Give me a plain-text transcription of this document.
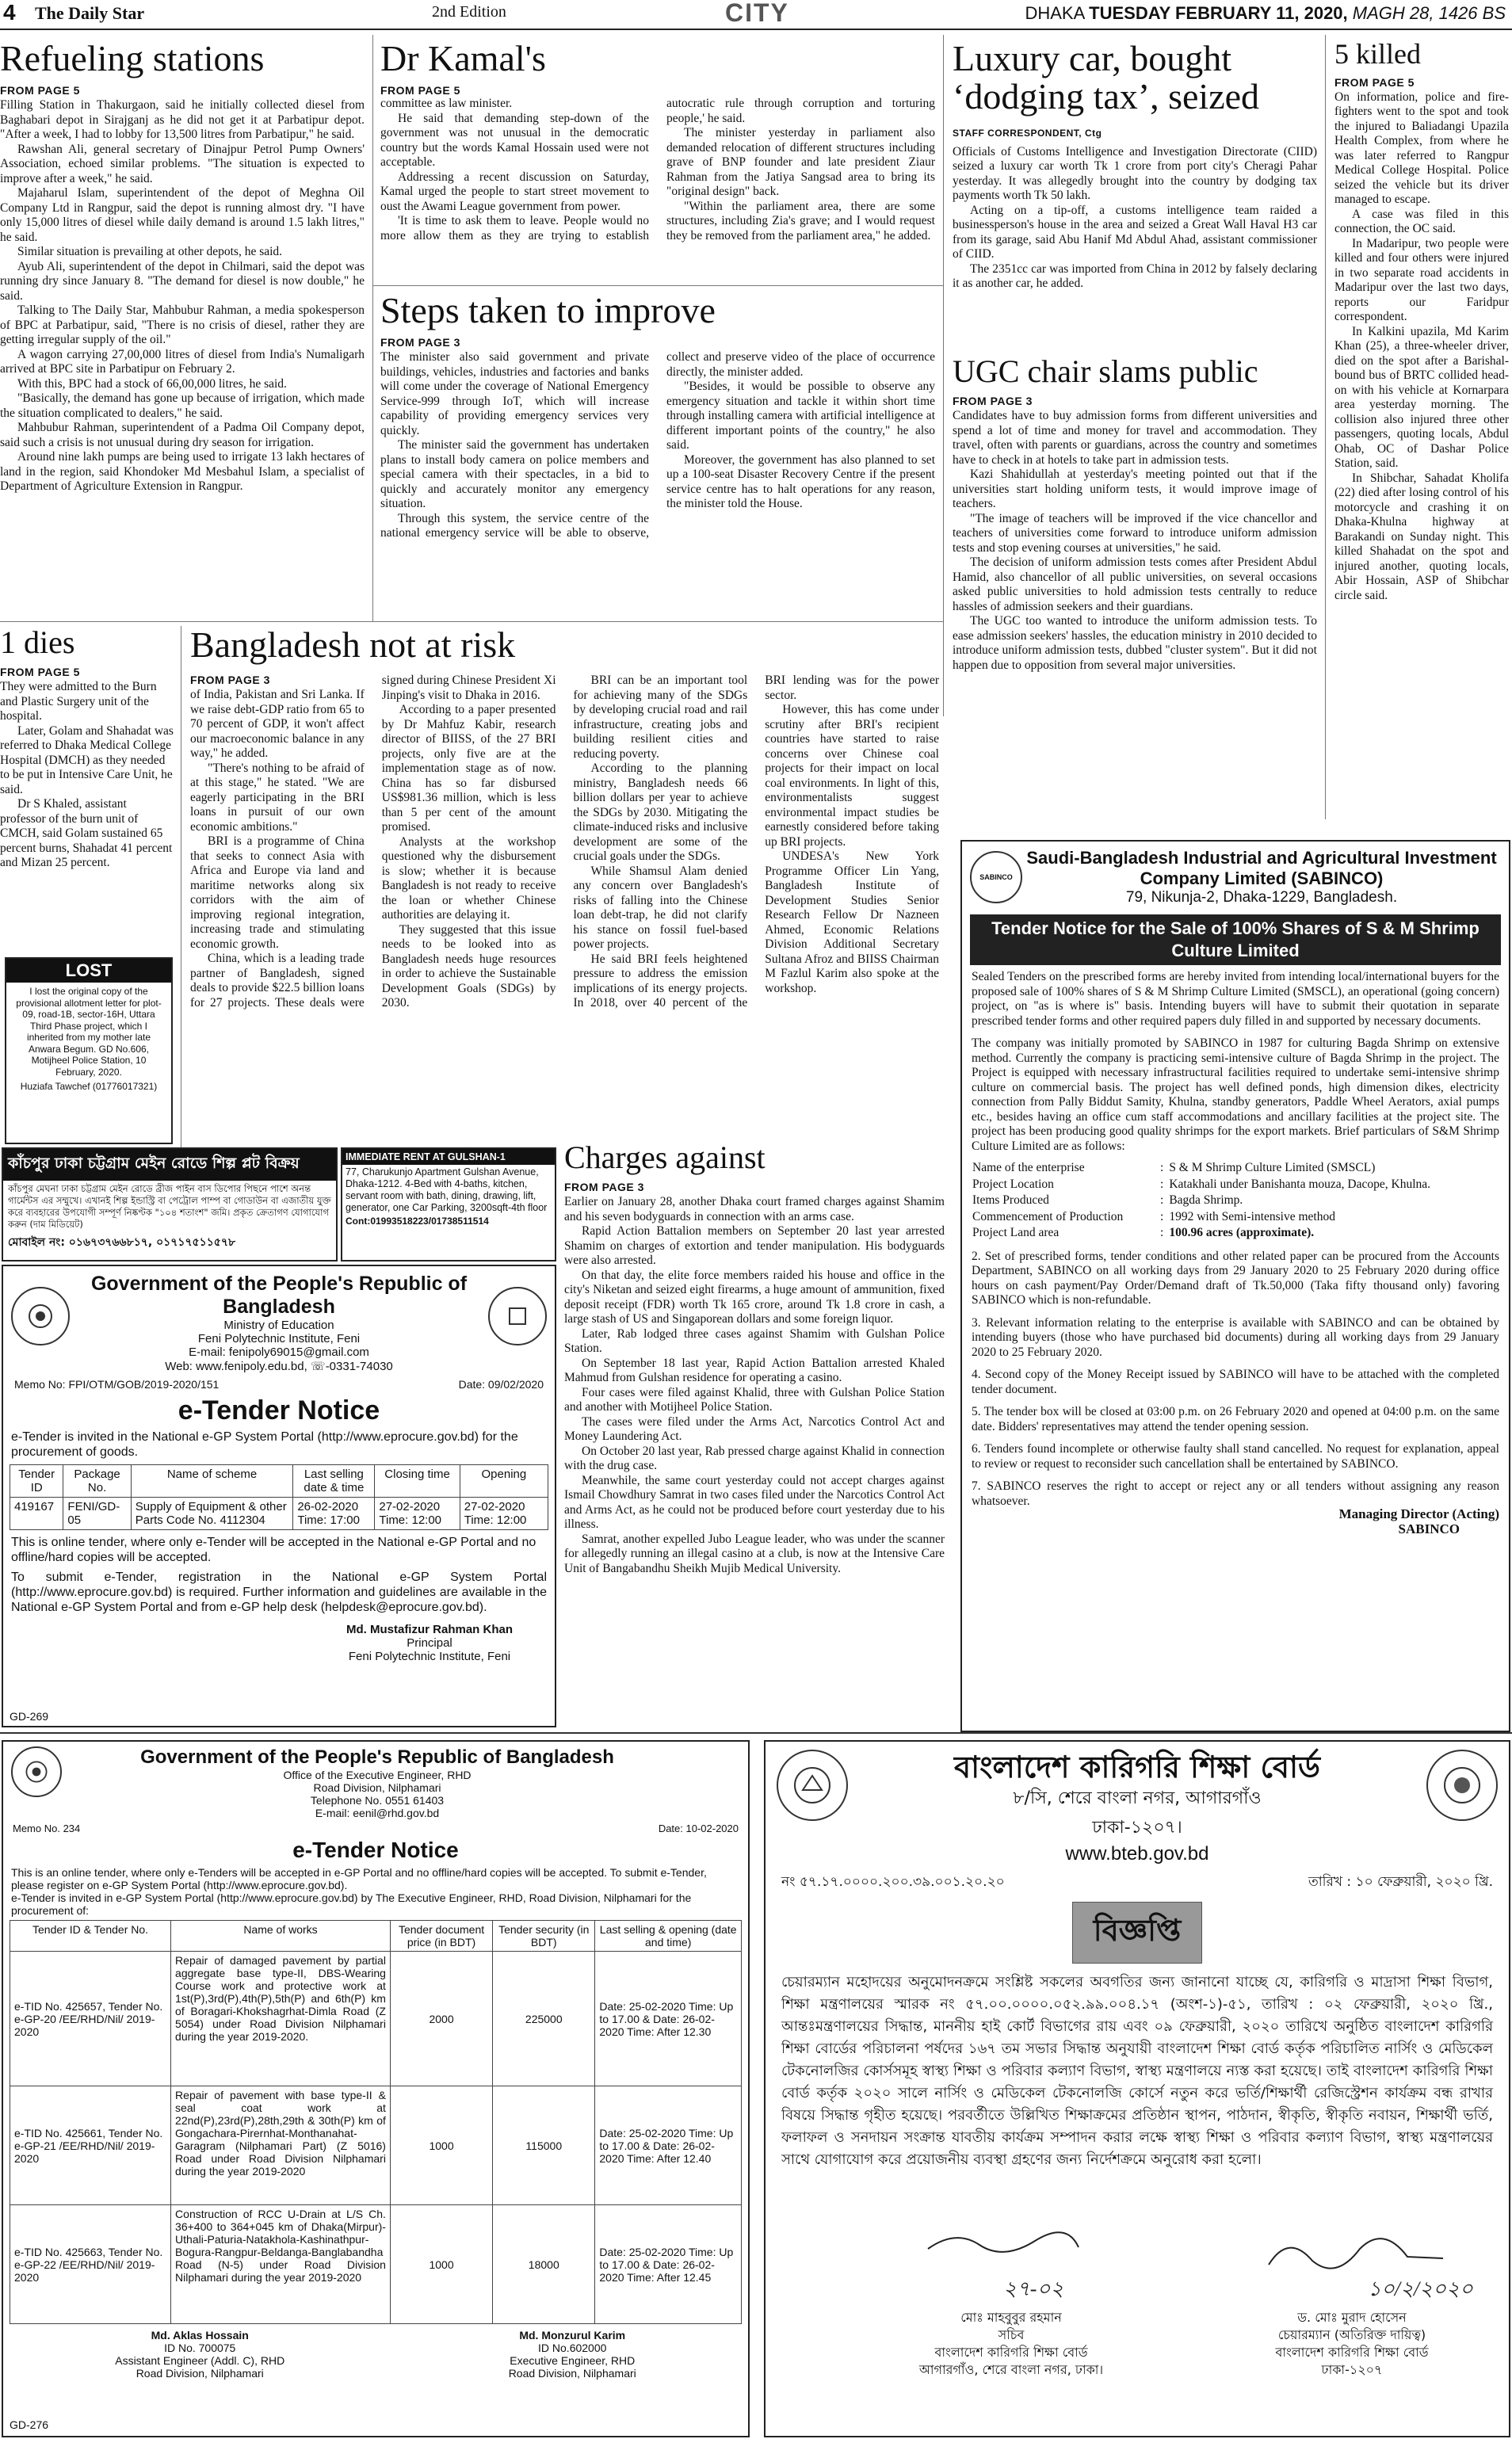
4 The Daily Star	2nd Edition	CITY	DHAKA TUESDAY FEBRUARY 11, 2020, MAGH 28, 1426 BS
Refueling stations
FROM PAGE 5

Filling Station in Thakurgaon, said he initially collected diesel from Baghabari depot in Sirajganj as he did not get it at Parbatipur depot. "After a week, I had to lobby for 13,500 litres from Parbatipur," he said.

Rawshan Ali, general secretary of Dinajpur Petrol Pump Owners' Association, echoed similar problems. "The situation is expected to improve after a week," he said.

Majaharul Islam, superintendent of the depot of Meghna Oil Company Ltd in Rangpur, said the depot is running almost dry. "I have only 15,000 litres of diesel while daily demand is around 1.5 lakh litres," he said.

Similar situation is prevailing at other depots, he said.

Ayub Ali, superintendent of the depot in Chilmari, said the depot was running dry since January 8. "The demand for diesel is now double," he said.

Talking to The Daily Star, Mahbubur Rahman, a media spokesperson of BPC at Parbatipur, said, "There is no crisis of diesel, rather they are getting irregular supply of the oil."

A wagon carrying 27,00,000 litres of diesel from India's Numaligarh arrived at BPC site in Parbatipur on February 2.

With this, BPC had a stock of 66,00,000 litres, he said.

"Basically, the demand has gone up because of irrigation, which made the situation complicated to dealers," he said.

Mahbubur Rahman, superintendent of a Padma Oil Company depot, said such a crisis is not unusual during dry season for irrigation.

Around nine lakh pumps are being used to irrigate 13 lakh hectares of land in the region, said Khondoker Md Mesbahul Islam, a specialist of Department of Agriculture Extension in Rangpur.

Dr Kamal's
FROM PAGE 5

committee as law minister.

He said that demanding step-down of the government was not unusual in the democratic country but the words Kamal Hossain used were not acceptable.

Addressing a recent discussion on Saturday, Kamal urged the people to start street movement to oust the Awami League government from power.

'It is time to ask them to leave. People would no more allow them as they are trying to establish autocratic rule through corruption and torturing people,' he said.

The minister yesterday in parliament also demanded relocation of different structures including grave of BNP founder and late president Ziaur Rahman from the Jatiya Sangsad area to bring its "original design" back.

"Within the parliament area, there are some structures, including Zia's grave; and I would request they be removed from the parliament area," he added.

Steps taken to improve
FROM PAGE 3

The minister also said government and private buildings, vehicles, industries and factories and banks will come under the coverage of National Emergency Service-999 through IoT, which will increase capability of providing emergency services very quickly.

The minister said the government has undertaken plans to install body camera on police members and special camera with their spectacles, in a bid to quickly and accurately monitor any emergency situation.

Through this system, the service centre of the national emergency service will be able to observe, collect and preserve video of the place of occurrence directly, the minister added.

"Besides, it would be possible to observe any emergency situation and tackle it within short time through installing camera with artificial intelligence at different important points of the country," he also said.

Moreover, the government has also planned to set up a 100-seat Disaster Recovery Centre if the present service centre has to halt operations for any reason, the minister told the House.

Luxury car, bought ‘dodging tax’, seized
STAFF CORRESPONDENT, Ctg

Officials of Customs Intelligence and Investigation Directorate (CIID) seized a luxury car worth Tk 1 crore from port city's Cheragi Pahar yesterday. It was allegedly brought into the country by dodging tax payments worth Tk 50 lakh.

Acting on a tip-off, a customs intelligence team raided a businessperson's house in the area and seized a Great Wall Haval H3 car from its garage, said Abu Hanif Md Abdul Ahad, assistant commissioner of CIID.

The 2351cc car was imported from China in 2012 by falsely declaring it as another car, he added.

UGC chair slams public
FROM PAGE 3

Candidates have to buy admission forms from different universities and spend a lot of time and money for travel and accommodation. They travel, often with parents or guardians, across the country and sometimes have to check in at hotels to take part in admission tests.

Kazi Shahidullah at yesterday's meeting pointed out that if the universities start holding uniform tests, it would improve image of teachers.

"The image of teachers will be improved if the vice chancellor and teachers of universities come forward to introduce uniform admission tests and stop evening courses at universities," he said.

The decision of uniform admission tests comes after President Abdul Hamid, also chancellor of all public universities, on several occasions asked public universities to hold admission tests centrally to reduce hassles of admission seekers and their guardians.

The UGC too wanted to introduce the uniform admission tests. To ease admission seekers' hassles, the education ministry in 2010 decided to introduce uniform admission tests, dubbed "cluster system". But it did not happen due to opposition from several major universities.

5 killed
FROM PAGE 5

On information, police and fire-fighters went to the spot and took the injured to Baliadangi Upazila Health Complex, from where he was later referred to Rangpur Medical College Hospital. Police seized the vehicle but its driver managed to escape.

A case was filed in this connection, the OC said.

In Madaripur, two people were killed and four others were injured in two separate road accidents in Madaripur over the last two days, reports our Faridpur correspondent.

In Kalkini upazila, Md Karim Khan (25), a three-wheeler driver, died on the spot after a Barishal-bound bus of BRTC collided head-on with his vehicle at Kornarpara area yesterday morning. The collision also injured three other passengers, quoting locals, Abdul Ohab, OC of Dashar Police Station, said.

In Shibchar, Sahadat Kholifa (22) died after losing control of his motorcycle and crashing it on Dhaka-Khulna highway at Barakandi on Sunday night. This killed Shahadat on the spot and injured another, quoting locals, Abir Hossain, ASP of Shibchar circle said.

1 dies
FROM PAGE 5

They were admitted to the Burn and Plastic Surgery unit of the hospital.

Later, Golam and Shahadat was referred to Dhaka Medical College Hospital (DMCH) as they needed to be put in Intensive Care Unit, he said.

Dr S Khaled, assistant professor of the burn unit of CMCH, said Golam sustained 65 percent burns, Shahadat 41 percent and Mizan 25 percent.

LOST
I lost the original copy of the provisional allotment letter for plot-09, road-1B, sector-16H, Uttara Third Phase project, which I inherited from my mother late Anwara Begum. GD No.606, Motijheel Police Station, 10 February, 2020.
Huziafa Tawchef (01776017321)
Bangladesh not at risk
FROM PAGE 3

of India, Pakistan and Sri Lanka. If we raise debt-GDP ratio from 65 to 70 percent of GDP, it won't affect our macroeconomic balance in any way," he added.

"There's nothing to be afraid of at this stage," he stated. "We are eagerly participating in the BRI loans in pursuit of our own economic ambitions."

BRI is a programme of China that seeks to connect Asia with Africa and Europe via land and maritime networks along six corridors with the aim of improving regional integration, increasing trade and stimulating economic growth.

China, which is a leading trade partner of Bangladesh, signed deals to provide $22.5 billion loans for 27 projects. These deals were signed during Chinese President Xi Jinping's visit to Dhaka in 2016.

According to a paper presented by Dr Mahfuz Kabir, research director of BIISS, of the 27 BRI projects, only five are at the implementation stage as of now. China has so far disbursed US$981.36 million, which is less than 5 per cent of the amount promised.

Analysts at the workshop questioned why the disbursement is slow; whether it is because Bangladesh is not ready to receive the loan or whether Chinese authorities are delaying it.

They suggested that this issue needs to be looked into as Bangladesh needs huge resources in order to achieve the Sustainable Development Goals (SDGs) by 2030.

BRI can be an important tool for achieving many of the SDGs by developing crucial road and rail infrastructure, creating jobs and building resilient cities and reducing poverty.

According to the planning ministry, Bangladesh needs 66 billion dollars per year to achieve the SDGs by 2030. Mitigating the climate-induced risks and inclusive development are some of the crucial goals under the SDGs.

While Shamsul Alam denied any concern over Bangladesh's risks of falling into the Chinese loan debt-trap, he did not clarify his stance on fossil fuel-based power projects.

He said BRI feels heightened pressure to address the emission implications of its energy projects. In 2018, over 40 percent of the BRI lending was for the power sector.

However, this has come under scrutiny after BRI's recipient countries have started to raise concerns over Chinese coal projects for their impact on local coal environments. In light of this, environmentalists suggest environmental impact studies be earnestly considered before taking up BRI projects.

UNDESA's New York Programme Officer Lin Yang, Bangladesh Institute of Development Studies Senior Research Fellow Dr Nazneen Ahmed, Economic Relations Division Additional Secretary Sultana Afroz and BIISS Chairman M Fazlul Karim also spoke at the workshop.

SABINCO
Saudi-Bangladesh Industrial and Agricultural Investment Company Limited (SABINCO)
79, Nikunja-2, Dhaka-1229, Bangladesh.
Tender Notice for the Sale of 100% Shares of S & M Shrimp Culture Limited

Sealed Tenders on the prescribed forms are hereby invited from intending local/international buyers for the proposed sale of 100% shares of S & M Shrimp Culture Limited (SMSCL), an operational (going concern) project, on "as is where is" basis. Intending buyers will have to submit their quotation in separate prescribed tender forms and other required papers duly filled in and supported by necessary documents.

The company was initially promoted by SABINCO in 1987 for culturing Bagda Shrimp on extensive method. Currently the company is practicing semi-intensive culture of Bagda Shrimp in the project. The Project is equipped with necessary infrastructural facilities required to undertake semi-intensive shrimp culture on commercial basis. The project has well defined ponds, high dimension dikes, electricity connection from Pally Biddut Samity, Khulna, standby generators, Paddle Wheel Aerators, axial pumps etc., besides having an office cum staff accommodations and ancillary facilities at the project site. The project has been producing good quality shrimps for the export markets. Brief particulars of S&M Shrimp Culture Limited are as follows:

Name of the enterprise	:	S & M Shrimp Culture Limited (SMSCL)
Project Location	:	Katakhali under Banishanta mouza, Dacope, Khulna.
Items Produced	:	Bagda Shrimp.
Commencement of Production	:	1992 with Semi-intensive method
Project Land area	:	100.96 acres (approximate).

2. Set of prescribed forms, tender conditions and other related paper can be procured from the Accounts Department, SABINCO on all working days from 29 January 2020 to 25 February 2020 during office hours on cash payment/Pay Order/Demand draft of Tk.50,000 (Taka fifty thousand only) favoring SABINCO which is non-refundable.

3. Relevant information relating to the enterprise is available with SABINCO and can be obtained by intending buyers (those who have purchased bid documents) during all working days from 29 January 2020 to 25 February 2020.

4. Second copy of the Money Receipt issued by SABINCO will have to be attached with the completed tender document.

5. The tender box will be closed at 03:00 p.m. on 26 February 2020 and opened at 04:00 p.m. on the same date. Bidders' representatives may attend the tender opening session.

6. Tenders found incomplete or otherwise faulty shall stand cancelled. No request for explanation, appeal to review or request to reconsider such cancellation shall be entertained by SABINCO.

7. SABINCO reserves the right to accept or reject any or all tenders without assigning any reason whatsoever.

Managing Director (Acting)
SABINCO
কাঁচপুর ঢাকা চট্টগ্রাম মেইন রোডে শিল্প প্লট বিক্রয়
কাঁচপুর মেঘনা ঢাকা চট্টগ্রাম মেইন রোডে ব্রীজ পাইন বাস ডিপোর পিছনে পাশে অনন্ত গার্মেন্টস এর সম্মুখে। এখানই শিল্প ইন্ডাস্ট্রি বা পেট্রোল পাম্প বা গোডাউন বা এজাতীয় যুক্ত করে ব্যবহারের উপযোগী সম্পূর্ণ নিষ্কণ্টক "১০৪ শতাংশ" জমি। প্রকৃত ক্রেতাগণ যোগাযোগ করুন (দাম মিডিয়েট)
মোবাইল নং: ০১৬৭৩৭৬৬৮১৭, ০১৭১৭৫১১৫৭৮
IMMEDIATE RENT AT GULSHAN-1
77, Charukunjo Apartment Gulshan Avenue, Dhaka-1212. 4-Bed with 4-baths, kitchen, servant room with bath, dining, drawing, lift, generator, one Car Parking, 3200sqft-4th floor
Cont:01993518223/01738511514
Government of the People's Republic of Bangladesh
Ministry of Education
Feni Polytechnic Institute, Feni
E-mail: fenipoly69015@gmail.com
Web: www.fenipoly.edu.bd, ☏-0331-74030
Memo No: FPI/OTM/GOB/2019-2020/151	Date: 09/02/2020
e-Tender Notice
e-Tender is invited in the National e-GP System Portal (http://www.eprocure.gov.bd) for the procurement of goods.
Tender ID	Package No.	Name of scheme	Last selling date & time	Closing time	Opening
419167	FENI/GD-05	Supply of Equipment & other Parts Code No. 4112304	26-02-2020 Time: 17:00	27-02-2020 Time: 12:00	27-02-2020 Time: 12:00
This is online tender, where only e-Tender will be accepted in the National e-GP Portal and no offline/hard copies will be accepted.
To submit e-Tender, registration in the National e-GP System Portal (http://www.eprocure.gov.bd) is required. Further information and guidelines are available in the National e-GP System Portal and from e-GP help desk (helpdesk@eprocure.gov.bd).
Md. Mustafizur Rahman Khan
Principal
Feni Polytechnic Institute, Feni
GD-269
Charges against
FROM PAGE 3

Earlier on January 28, another Dhaka court framed charges against Shamim and his seven bodyguards in connection with an arms case.

Rapid Action Battalion members on September 20 last year arrested Shamim on charges of extortion and tender manipulation. His bodyguards were also arrested.

On that day, the elite force members raided his house and office in the city's Niketan and seized eight firearms, a huge amount of ammunition, fixed deposit receipt (FDR) worth Tk 165 crore, around Tk 1.8 crore in cash, a large stash of US and Singaporean dollars and some foreign liquor.

Later, Rab lodged three cases against Shamim with Gulshan Police Station.

On September 18 last year, Rapid Action Battalion arrested Khaled Mahmud from Gulshan residence for operating a casino.

Four cases were filed against Khalid, three with Gulshan Police Station and another with Motijheel Police Station.

The cases were filed under the Arms Act, Narcotics Control Act and Money Laundering Act.

On October 20 last year, Rab pressed charge against Khalid in connection with the drug case.

Meanwhile, the same court yesterday could not accept charges against Ismail Chowdhury Samrat in two cases filed under the Narcotics Control Act and Arms Act, as he could not be produced before court yesterday due to his illness.

Samrat, another expelled Jubo League leader, who was under the scanner for allegedly running an illegal casino at a club, is now at the Intensive Care Unit of Bangabandhu Sheikh Mujib Medical University.

Government of the People's Republic of Bangladesh
Office of the Executive Engineer, RHD
Road Division, Nilphamari
Telephone No. 0551 61403
E-mail: eenil@rhd.gov.bd
Memo No. 234	Date: 10-02-2020
e-Tender Notice
This is an online tender, where only e-Tenders will be accepted in e-GP Portal and no offline/hard copies will be accepted. To submit e-Tender, please register on e-GP System Portal (http://www.eprocure.gov.bd).
e-Tender is invited in e-GP System Portal (http://www.eprocure.gov.bd) by The Executive Engineer, RHD, Road Division, Nilphamari for the procurement of:
Tender ID & Tender No.	Name of works	Tender document price (in BDT)	Tender security (in BDT)	Last selling & opening (date and time)
e-TID No. 425657, Tender No. e-GP-20 /EE/RHD/Nil/ 2019-2020	Repair of damaged pavement by partial aggregate base type-II, DBS-Wearing Course work and protective work at 1st(P),3rd(P),4th(P),5th(P) and 6th(P) km of Boragari-Khokshagrhat-Dimla Road (Z 5054) under Road Division Nilphamari during the year 2019-2020.	2000	225000	Date: 25-02-2020 Time: Up to 17.00 & Date: 26-02-2020 Time: After 12.30
e-TID No. 425661, Tender No. e-GP-21 /EE/RHD/Nil/ 2019-2020	Repair of pavement with base type-II & seal coat work at 22nd(P),23rd(P),28th,29th & 30th(P) km of Gongachara-Pirernhat-Monthanahat-Garagram (Nilphamari Part) (Z 5016) Road under Road Division Nilphamari during the year 2019-2020	1000	115000	Date: 25-02-2020 Time: Up to 17.00 & Date: 26-02-2020 Time: After 12.40
e-TID No. 425663, Tender No. e-GP-22 /EE/RHD/Nil/ 2019-2020	Construction of RCC U-Drain at L/S Ch. 36+400 to 364+045 km of Dhaka(Mirpur)-Uthali-Paturia-Natakhola-Kashinathpur-Bogura-Rangpur-Beldanga-Banglabandha Road (N-5) under Road Division Nilphamari during the year 2019-2020	1000	18000	Date: 25-02-2020 Time: Up to 17.00 & Date: 26-02-2020 Time: After 12.45
Md. Aklas Hossain
ID No. 700075
Assistant Engineer (Addl. C), RHD
Road Division, Nilphamari
Md. Monzurul Karim
ID No.602000
Executive Engineer, RHD
Road Division, Nilphamari
GD-276
বাংলাদেশ কারিগরি শিক্ষা বোর্ড
৮/সি, শেরে বাংলা নগর, আগারগাঁও
ঢাকা-১২০৭।
www.bteb.gov.bd
নং ৫৭.১৭.০০০০.২০০.৩৯.০০১.২০.২০	তারিখ : ১০ ফেব্রুয়ারী, ২০২০ খ্রি.
বিজ্ঞপ্তি
চেয়ারম্যান মহোদয়ের অনুমোদনক্রমে সংশ্লিষ্ট সকলের অবগতির জন্য জানানো যাচ্ছে যে, কারিগরি ও মাদ্রাসা শিক্ষা বিভাগ, শিক্ষা মন্ত্রণালয়ের স্মারক নং ৫৭.০০.০০০০.০৫২.৯৯.০০৪.১৭ (অংশ-১)-৫১, তারিখ : ০২ ফেব্রুয়ারী, ২০২০ খ্রি., আন্তঃমন্ত্রণালয়ের সিদ্ধান্ত, মাননীয় হাই কোর্ট বিভাগের রায় এবং ০৯ ফেব্রুয়ারী, ২০২০ তারিখে অনুষ্ঠিত বাংলাদেশ কারিগরি শিক্ষা বোর্ডের পরিচালনা পর্ষদের ১৬৭ তম সভার সিদ্ধান্ত অনুযায়ী বাংলাদেশ শিক্ষা বোর্ড কর্তৃক পরিচালিত নার্সিং ও মেডিকেল টেকনোলজির কোর্সসমূহ স্বাস্থ্য শিক্ষা ও পরিবার কল্যাণ বিভাগ, স্বাস্থ্য মন্ত্রণালয়ে ন্যস্ত করা হয়েছে। তাই বাংলাদেশ কারিগরি শিক্ষা বোর্ড কর্তৃক ২০২০ সালে নার্সিং ও মেডিকেল টেকনোলজি কোর্সে নতুন করে ভর্তি/শিক্ষার্থী রেজিস্ট্রেশন কার্যক্রম বন্ধ রাখার বিষয়ে সিদ্ধান্ত গৃহীত হয়েছে। পরবর্তীতে উল্লিখিত শিক্ষাক্রমের প্রতিষ্ঠান স্থাপন, পাঠদান, স্বীকৃতি, স্বীকৃতি নবায়ন, শিক্ষার্থী ভর্তি, ফলাফল ও সনদায়ন সংক্রান্ত যাবতীয় কার্যক্রম সম্পাদন করার লক্ষে স্বাস্থ্য শিক্ষা ও পরিবার কল্যাণ বিভাগ, স্বাস্থ্য মন্ত্রণালয়ের সাথে যোগাযোগ করে প্রয়োজনীয় ব্যবস্থা গ্রহণের জন্য নির্দেশক্রমে অনুরোধ করা হলো।
২৭-০২	১০/২/২০২০
মোঃ মাহবুবুর রহমান
সচিব
বাংলাদেশ কারিগরি শিক্ষা বোর্ড
আগারগাঁও, শেরে বাংলা নগর, ঢাকা।
ড. মোঃ মুরাদ হোসেন
চেয়ারম্যান (অতিরিক্ত দায়িত্ব)
বাংলাদেশ কারিগরি শিক্ষা বোর্ড
ঢাকা-১২০৭
